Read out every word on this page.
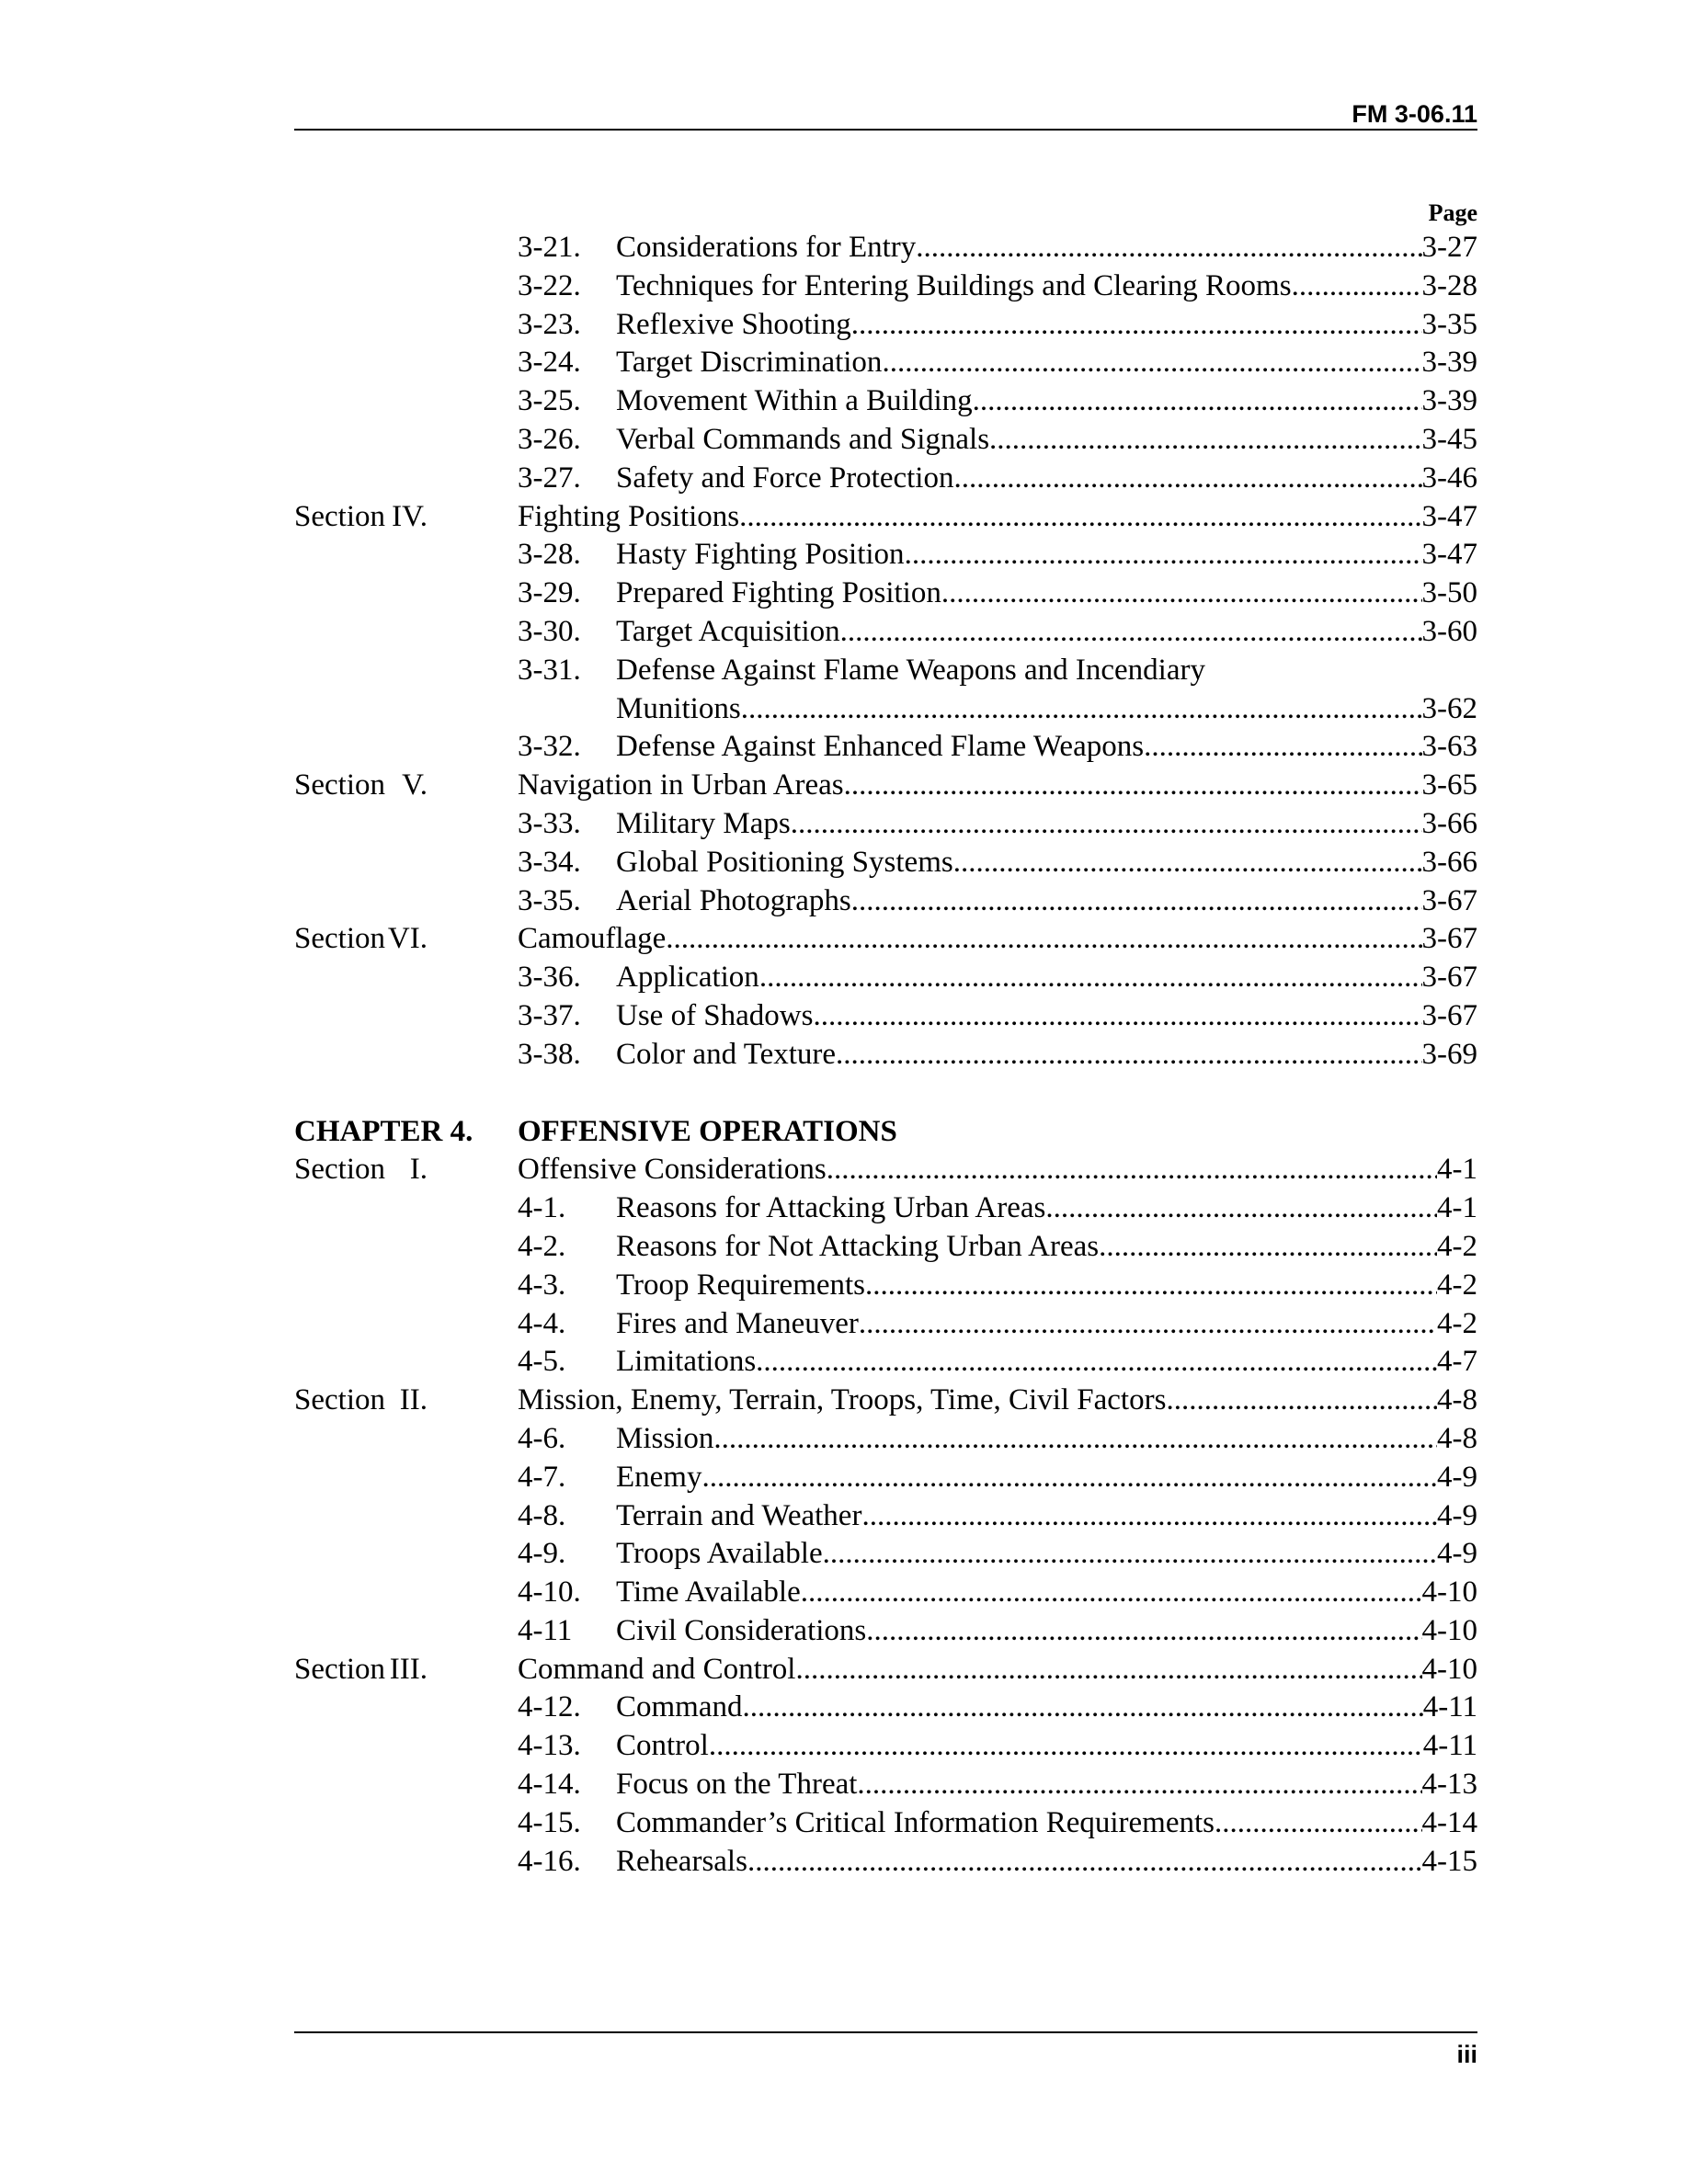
FM 3-06.11
Page
3-21. Considerations for Entry .....	3-27
3-22. Techniques for Entering Buildings and Clearing Rooms .....	3-28
3-23. Reflexive Shooting .....	3-35
3-24. Target Discrimination .....	3-39
3-25. Movement Within a Building .....	3-39
3-26. Verbal Commands and Signals .....	3-45
3-27. Safety and Force Protection .....	3-46
Section IV.	Fighting Positions .....	3-47
3-28. Hasty Fighting Position .....	3-47
3-29. Prepared Fighting Position .....	3-50
3-30. Target Acquisition .....	3-60
3-31. Defense Against Flame Weapons and Incendiary
Munitions .....	3-62
3-32. Defense Against Enhanced Flame Weapons .....	3-63
Section V.	Navigation in Urban Areas .....	3-65
3-33. Military Maps .....	3-66
3-34. Global Positioning Systems .....	3-66
3-35. Aerial Photographs .....	3-67
Section VI.	Camouflage .....	3-67
3-36. Application .....	3-67
3-37. Use of Shadows .....	3-67
3-38. Color and Texture .....	3-69
CHAPTER 4. OFFENSIVE OPERATIONS
Section I.	Offensive Considerations .....	4-1
4-1. Reasons for Attacking Urban Areas .....	4-1
4-2. Reasons for Not Attacking Urban Areas .....	4-2
4-3. Troop Requirements .....	4-2
4-4. Fires and Maneuver .....	4-2
4-5. Limitations .....	4-7
Section II.	Mission, Enemy, Terrain, Troops, Time, Civil Factors .....	4-8
4-6. Mission .....	4-8
4-7. Enemy .....	4-9
4-8. Terrain and Weather .....	4-9
4-9. Troops Available .....	4-9
4-10. Time Available .....	4-10
4-11 Civil Considerations .....	4-10
Section III.	Command and Control .....	4-10
4-12. Command .....	4-11
4-13. Control .....	4-11
4-14. Focus on the Threat .....	4-13
4-15. Commander’s Critical Information Requirements .....	4-14
4-16. Rehearsals .....	4-15
iii
